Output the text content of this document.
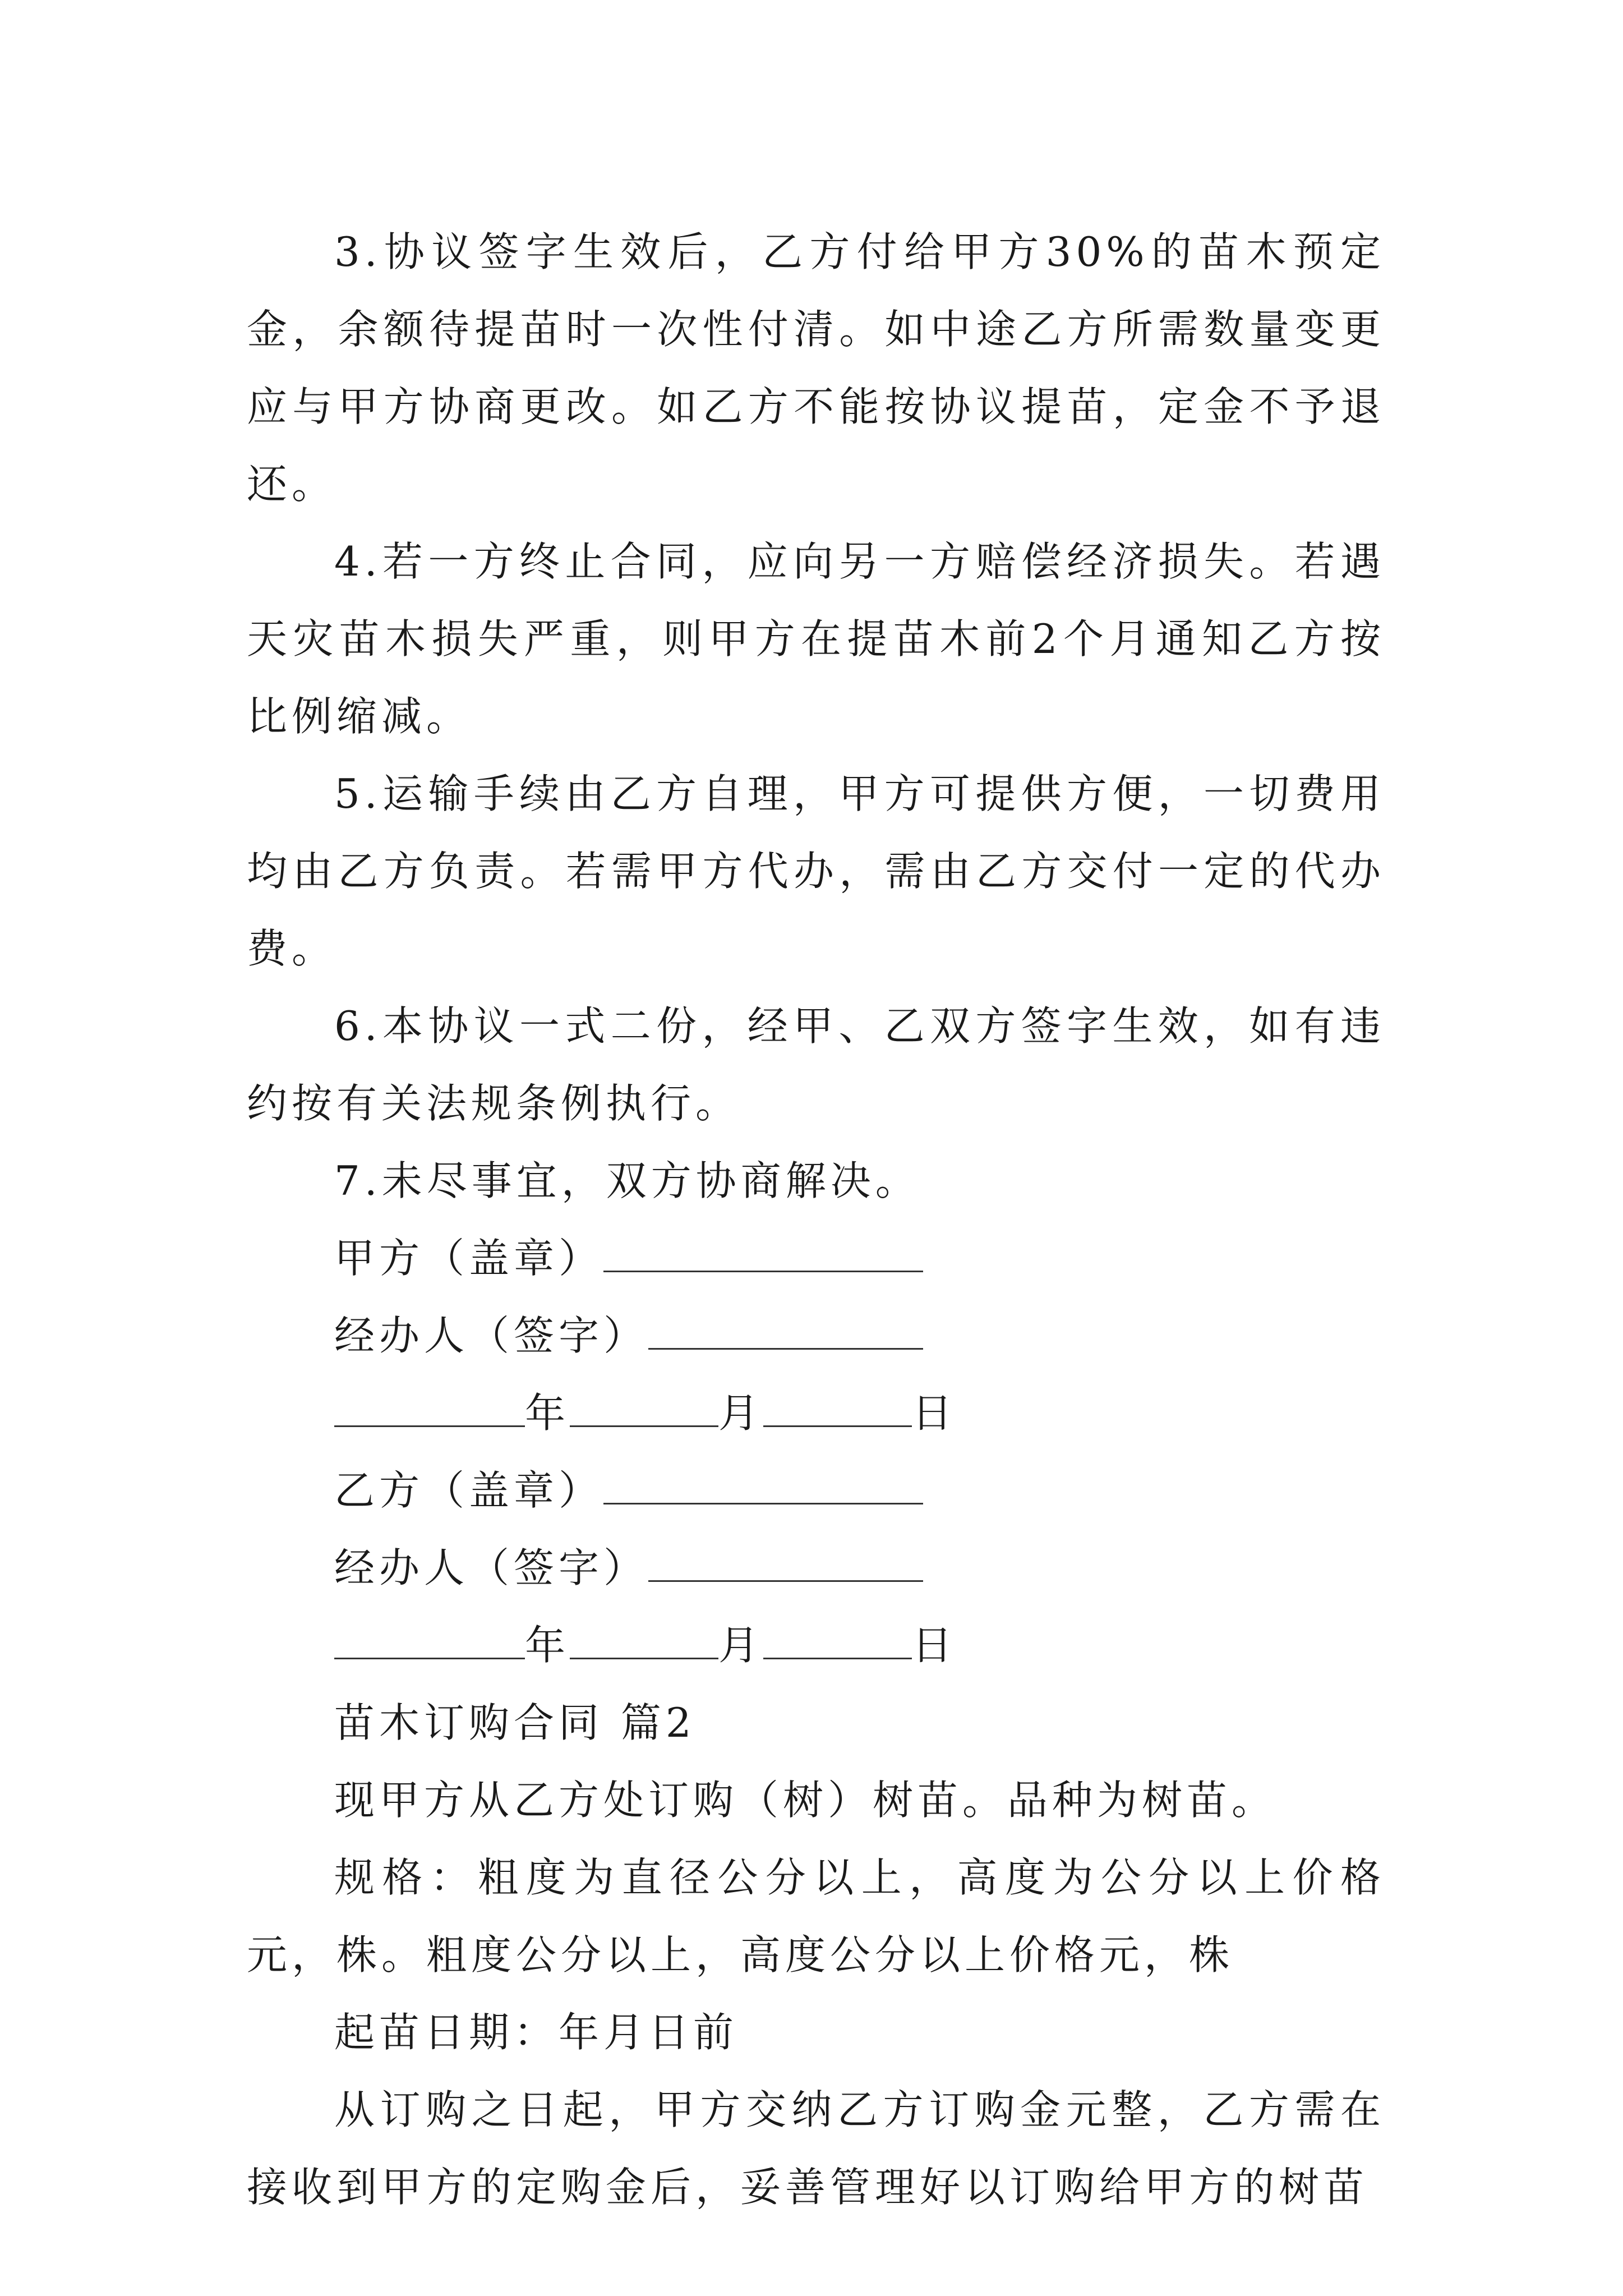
3.协议签字生效后，乙方付给甲方30%的苗木预定金，余额待提苗时一次性付清。如中途乙方所需数量变更应与甲方协商更改。如乙方不能按协议提苗，定金不予退还。

4.若一方终止合同，应向另一方赔偿经济损失。若遇天灾苗木损失严重，则甲方在提苗木前2个月通知乙方按比例缩减。

5.运输手续由乙方自理，甲方可提供方便，一切费用均由乙方负责。若需甲方代办，需由乙方交付一定的代办费。

6.本协议一式二份，经甲、乙双方签字生效，如有违约按有关法规条例执行。

7.未尽事宜，双方协商解决。

甲方（盖章）
经办人（签字）
年	月	日
乙方（盖章）
经办人（签字）
年	月	日

苗木订购合同 篇2

现甲方从乙方处订购（树）树苗。品种为树苗。

规格：粗度为直径公分以上，高度为公分以上价格元，株。粗度公分以上，高度公分以上价格元，株

起苗日期：年月日前

从订购之日起，甲方交纳乙方订购金元整，乙方需在接收到甲方的定购金后，妥善管理好以订购给甲方的树苗
